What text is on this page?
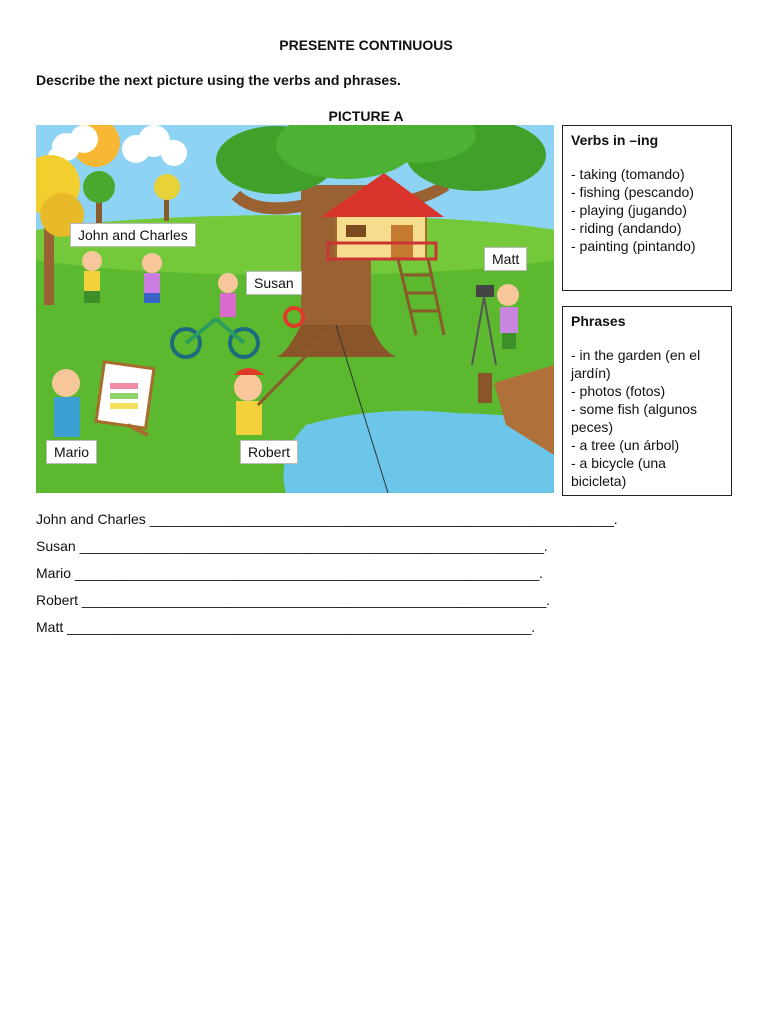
PRESENTE CONTINUOUS
Describe the next picture using the verbs and phrases.
PICTURE A
John and Charles
Susan
Matt
Mario	Robert
Verbs in –ing
- taking (tomando)
- fishing (pescando)
- playing (jugando)
- riding (andando)
- painting (pintando)
Phrases
- in the garden (en el jardín)
- photos (fotos)
- some fish (algunos peces)
- a tree (un árbol)
- a bicycle (una bicicleta)
John and Charles ______________________________________________________________.
Susan ______________________________________________________________.
Mario ______________________________________________________________.
Robert ______________________________________________________________.
Matt ______________________________________________________________.
